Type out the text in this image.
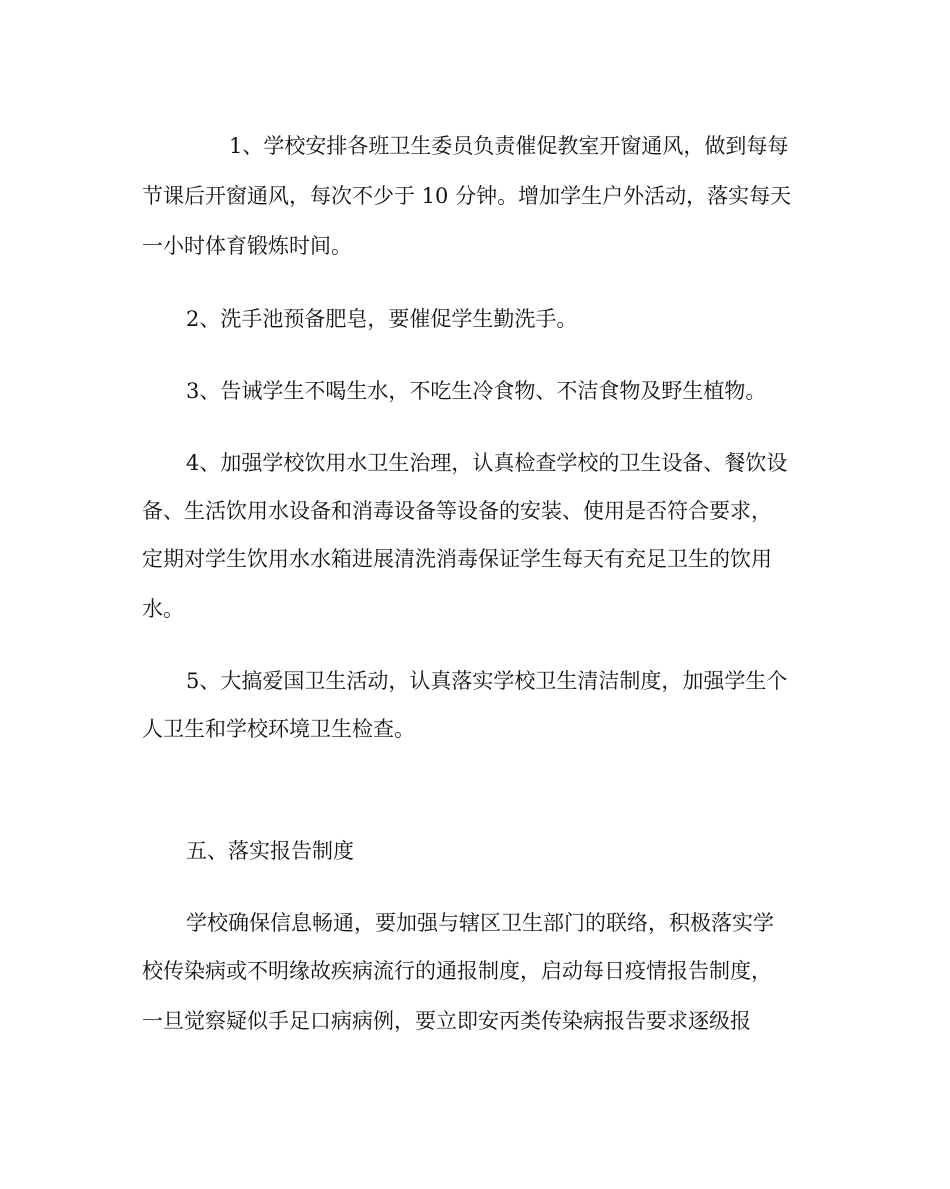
1、学校安排各班卫生委员负责催促教室开窗通风，做到每每
节课后开窗通风，每次不少于 10 分钟。增加学生户外活动，落实每天
一小时体育锻炼时间。
2、洗手池预备肥皂，要催促学生勤洗手。
3、告诫学生不喝生水，不吃生冷食物、不洁食物及野生植物。
4、加强学校饮用水卫生治理，认真检查学校的卫生设备、餐饮设
备、生活饮用水设备和消毒设备等设备的安装、使用是否符合要求，
定期对学生饮用水水箱进展清洗消毒保证学生每天有充足卫生的饮用
水。
5、大搞爱国卫生活动，认真落实学校卫生清洁制度，加强学生个
人卫生和学校环境卫生检查。
五、落实报告制度
学校确保信息畅通，要加强与辖区卫生部门的联络，积极落实学
校传染病或不明缘故疾病流行的通报制度，启动每日疫情报告制度，
一旦觉察疑似手足口病病例，要立即安丙类传染病报告要求逐级报
